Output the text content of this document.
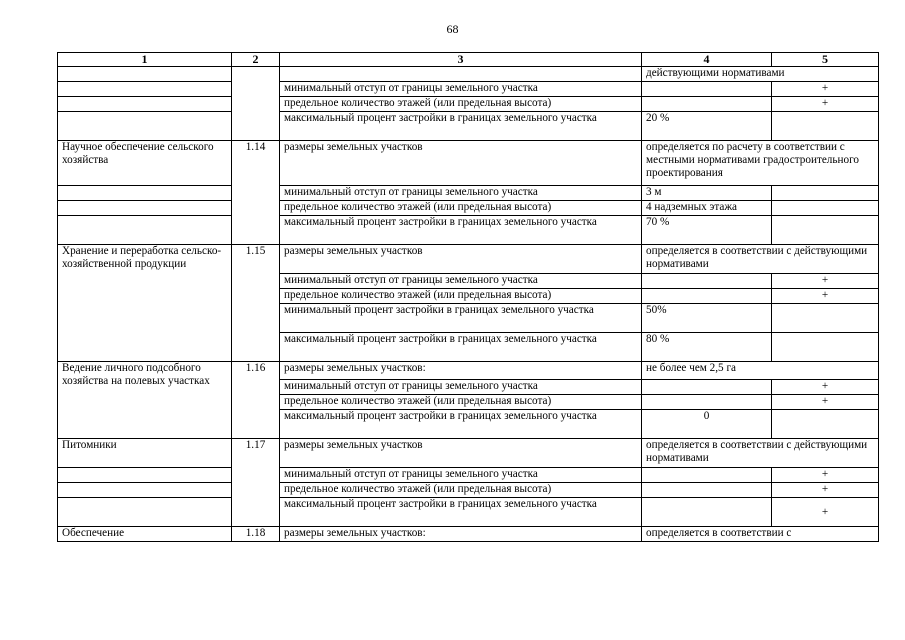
68
1	2	3	4	5
			действующими нормативами	
		минимальный отступ от границы земельного участка		+
		предельное количество этажей (или предельная высота)		+
		максимальный процент застройки в границах земельного участка	20 %	
Научное обеспечение сельского хозяйства	1.14	размеры земельных участков	определяется по расчету в соответствии с местными нормативами градостроительного проектирования	
		минимальный отступ от границы земельного участка	3 м	
		предельное количество этажей (или предельная высота)	4 надземных этажа	
		максимальный процент застройки в границах земельного участка	70 %	
Хранение и переработка сельско-хозяйственной продукции	1.15	размеры земельных участков	определяется в соответствии с действующими нормативами	
		минимальный отступ от границы земельного участка		+
		предельное количество этажей (или предельная высота)		+
		минимальный процент застройки в границах земельного участка	50%	
		максимальный процент застройки в границах земельного участка	80 %	
Ведение личного подсобного хозяйства на полевых участках	1.16	размеры земельных участков:	не более чем 2,5 га	
		минимальный отступ от границы земельного участка		+
		предельное количество этажей (или предельная высота)		+
		максимальный процент застройки в границах земельного участка	0	
Питомники	1.17	размеры земельных участков	определяется в соответствии с действующими нормативами	
		минимальный отступ от границы земельного участка		+
		предельное количество этажей (или предельная высота)		+
		максимальный процент застройки в границах земельного участка		+
Обеспечение	1.18	размеры земельных участков:	определяется в соответствии с	
